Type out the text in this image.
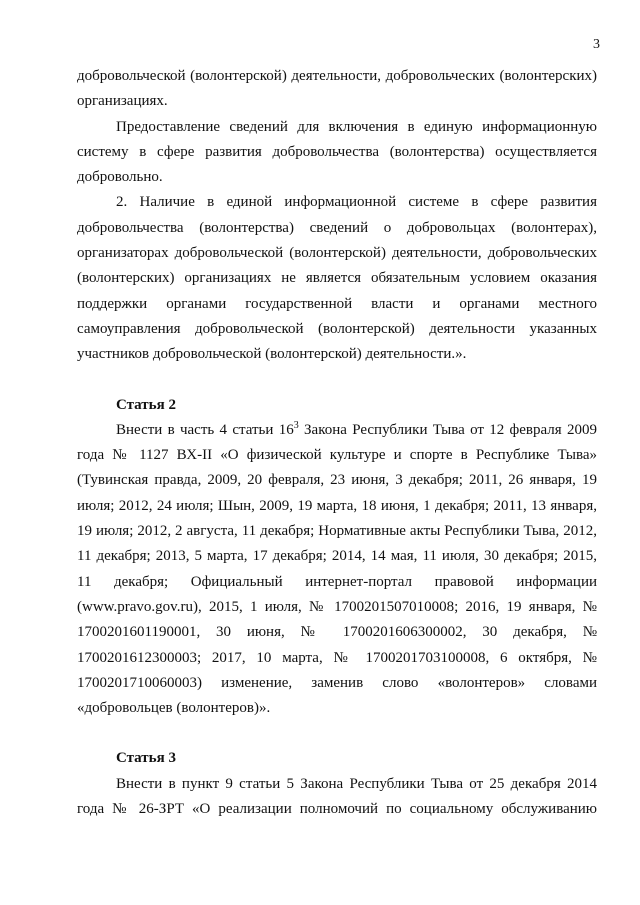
3

добровольческой (волонтерской) деятельности, добровольческих (волонтерских) организациях.

Предоставление сведений для включения в единую информационную систему в сфере развития добровольчества (волонтерства) осуществляется добровольно.

2. Наличие в единой информационной системе в сфере развития добровольчества (волонтерства) сведений о добровольцах (волонтерах), организаторах добровольческой (волонтерской) деятельности, добровольческих (волонтерских) организациях не является обязательным условием оказания поддержки органами государственной власти и органами местного самоуправления добровольческой (волонтерской) деятельности указанных участников добровольческой (волонтерской) деятельности.».

Статья 2

Внести в часть 4 статьи $16^3$ Закона Республики Тыва от 12 февраля 2009 года № 1127 ВХ-II «О физической культуре и спорте в Республике Тыва» (Тувинская правда, 2009, 20 февраля, 23 июня, 3 декабря; 2011, 26 января, 19 июля; 2012, 24 июля; Шын, 2009, 19 марта, 18 июня, 1 декабря; 2011, 13 января, 19 июля; 2012, 2 августа, 11 декабря; Нормативные акты Республики Тыва, 2012, 11 декабря; 2013, 5 марта, 17 декабря; 2014, 14 мая, 11 июля, 30 декабря; 2015, 11 декабря; Официальный интернет-портал правовой информации (www.pravo.gov.ru), 2015, 1 июля, № 1700201507010008; 2016, 19 января, № 1700201601190001, 30 июня, № 1700201606300002, 30 декабря, № 1700201612300003; 2017, 10 марта, № 1700201703100008, 6 октября, № 1700201710060003) изменение, заменив слово «волонтеров» словами «добровольцев (волонтеров)».

Статья 3

Внести в пункт 9 статьи 5 Закона Республики Тыва от 25 декабря 2014 года № 26-ЗРТ «О реализации полномочий по социальному обслуживанию
